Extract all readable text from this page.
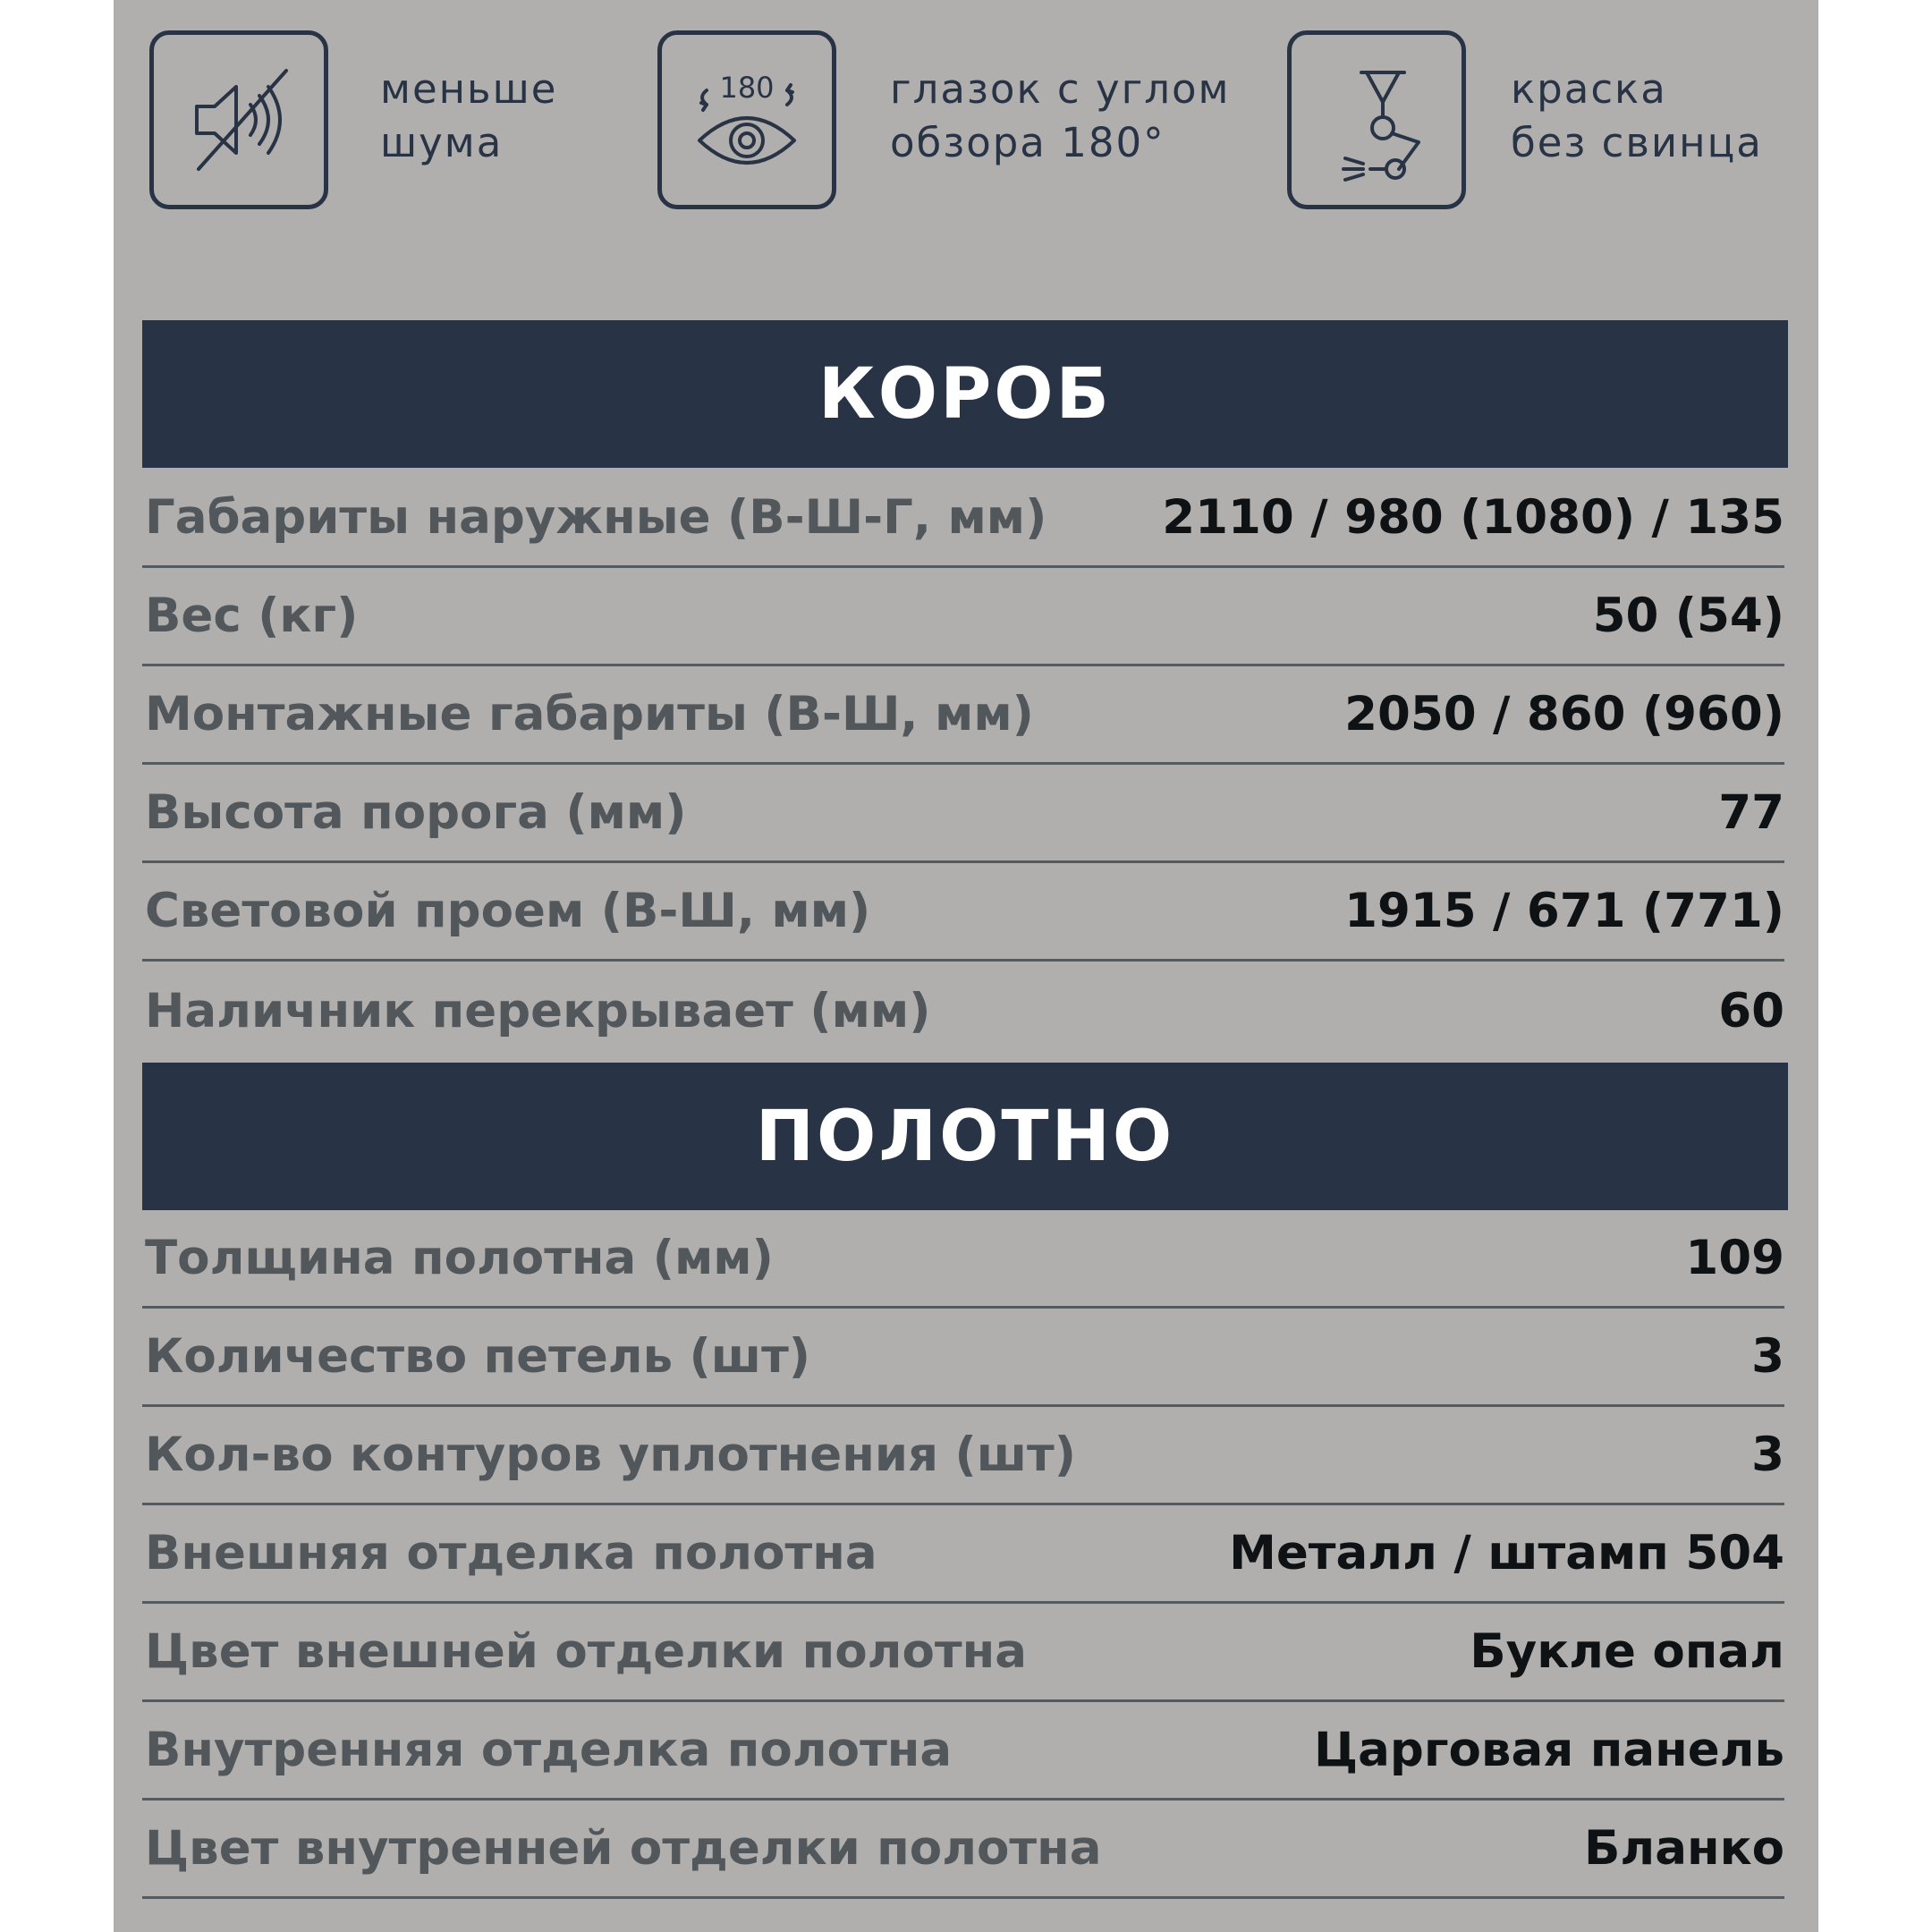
меньше
шума
180	глазок с углом
обзора 180°
краска
без свинца
КОРОБ
Габариты наружные (В-Ш-Г, мм) 2110 / 980 (1080) / 135
Вес (кг)	50 (54)
Монтажные габариты (В-Ш, мм)	2050 / 860 (960)
Высота порога (мм)	77
Световой проем (В-Ш, мм)	1915 / 671 (771)
Наличник перекрывает (мм)	60
ПОЛОТНО
Толщина полотна (мм)	109
Количество петель (шт)	3
Кол-во контуров уплотнения (шт)	3
Внешняя отделка полотна	Металл / штамп 504
Цвет внешней отделки полотна	Букле опал
Внутренняя отделка полотна	Царговая панель
Цвет внутренней отделки полотна	Бланко
